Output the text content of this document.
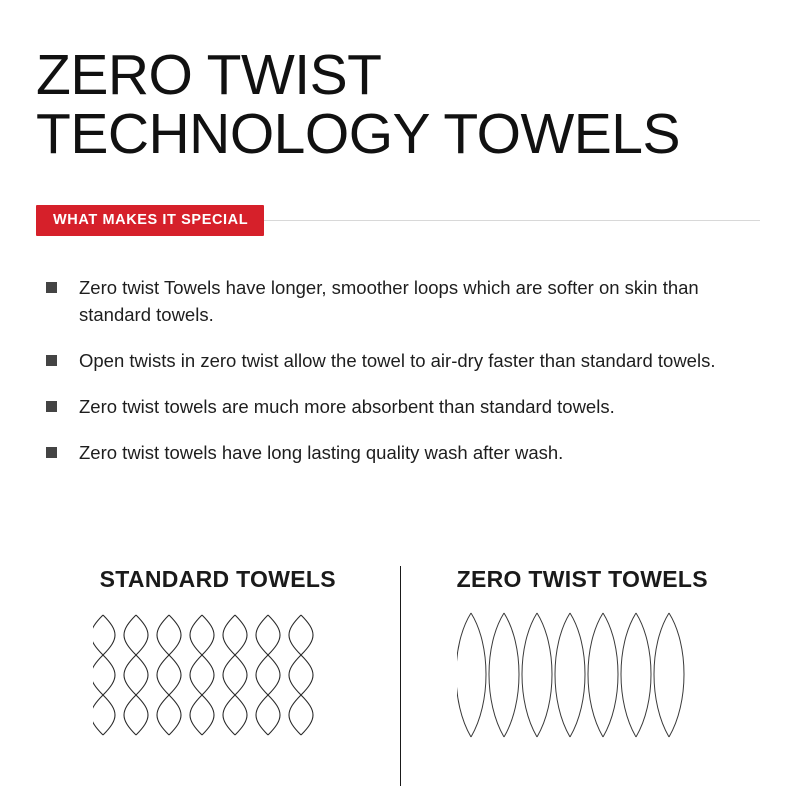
ZERO TWIST
TECHNOLOGY TOWELS
WHAT MAKES IT SPECIAL
Zero twist Towels have longer, smoother loops which are softer on skin than standard towels.
Open twists in zero twist allow the towel to air-dry faster than standard towels.
Zero twist towels are much more absorbent than standard towels.
Zero twist towels have long lasting quality wash after wash.
STANDARD TOWELS	ZERO TWIST TOWELS
